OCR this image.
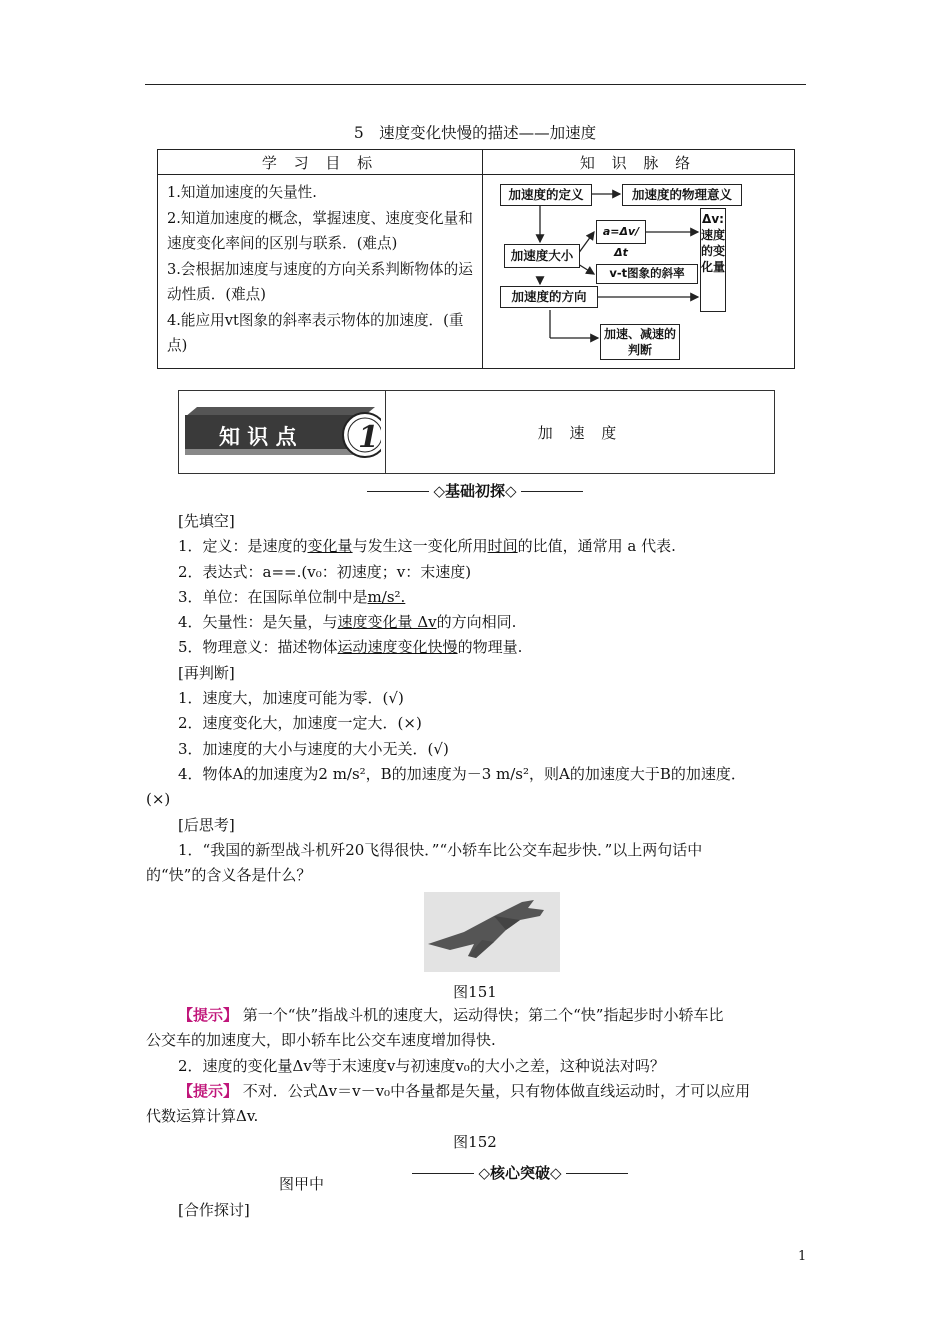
5　速度变化快慢的描述——加速度
学 习 目 标	知 识 脉 络
1.知道加速度的矢量性.
2.知道加速度的概念，掌握速度、速度变化量和速度变化率间的区别与联系．(难点)
3.会根据加速度与速度的方向关系判断物体的运动性质．(难点)
4.能应用vt图象的斜率表示物体的加速度．(重点)
加速度的定义	加速度的物理意义
加速度大小
a=Δv/Δt
v-t图象的斜率
加速度的方向
Δv:速度的变化量
加速、减速的判断
知 识 点 1	加 速 度
◇基础初探◇
[先填空]
1．定义：是速度的变化量与发生这一变化所用时间的比值，通常用 a 代表.
2．表达式：a==.(v₀：初速度；v：末速度)
3．单位：在国际单位制中是m/s².
4．矢量性：是矢量，与速度变化量 Δv的方向相同.
5．物理意义：描述物体运动速度变化快慢的物理量.
[再判断]
1．速度大，加速度可能为零．(√)
2．速度变化大，加速度一定大．(×)
3．加速度的大小与速度的大小无关．(√)
4．物体A的加速度为2 m/s²，B的加速度为－3 m/s²，则A的加速度大于B的加速度．
(×)
[后思考]
1．“我国的新型战斗机歼20飞得很快．”“小轿车比公交车起步快．”以上两句话中
的“快”的含义各是什么？
图151
【提示】 第一个“快”指战斗机的速度大，运动得快；第二个“快”指起步时小轿车比
公交车的加速度大，即小轿车比公交车速度增加得快.
2．速度的变化量Δv等于末速度v与初速度v₀的大小之差，这种说法对吗？
【提示】 不对．公式Δv＝v－v₀中各量都是矢量，只有物体做直线运动时，才可以应用
代数运算计算Δv.
图152
◇核心突破◇
图甲中
[合作探讨]
1
